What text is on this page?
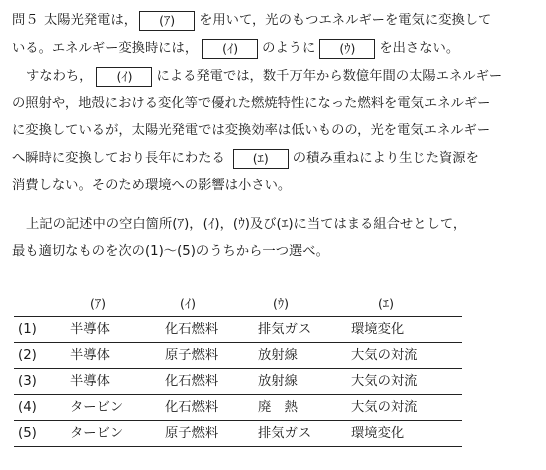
問５ 太陽光発電は，	(ｱ)	を用いて，光のもつエネルギーを電気に変換して
いる。エネルギー変換時には，	(ｲ)	のように	(ｳ)	を出さない。
すなわち，	(ｲ)	による発電では，数千万年から数億年間の太陽エネルギー
の照射や，地殻における変化等で優れた燃焼特性になった燃料を電気エネルギー
に変換しているが，太陽光発電では変換効率は低いものの，光を電気エネルギー
へ瞬時に変換しており長年にわたる	(ｴ)	の積み重ねにより生じた資源を
消費しない。そのため環境への影響は小さい。
上記の記述中の空白箇所(ｱ)，(ｲ)，(ｳ)及び(ｴ)に当てはまる組合せとして，
最も適切なものを次の(1)～(5)のうちから一つ選べ。
(ｱ)	(ｲ)	(ｳ)	(ｴ)
(1) 半導体	化石燃料	排気ガス	環境変化
(2) 半導体	原子燃料	放射線	大気の対流
(3) 半導体	化石燃料	放射線	大気の対流
(4) タービン	化石燃料	廃　熱	大気の対流
(5) タービン	原子燃料	排気ガス	環境変化
